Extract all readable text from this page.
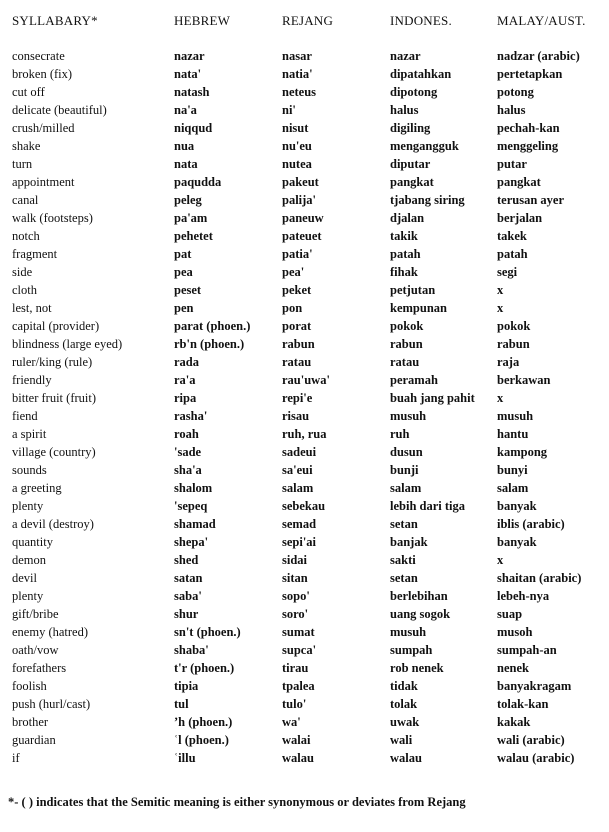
SYLLABARY*	HEBREW	REJANG	INDONES.	MALAY/AUST.
consecrate	nazar	nasar	nazar	nadzar (arabic)
broken (fix)	nata'	natia'	dipatahkan	pertetapkan
cut off	natash	neteus	dipotong	potong
delicate (beautiful)	na'a	ni'	halus	halus
crush/milled	niqqud	nisut	digiling	pechah-kan
shake	nua	nu'eu	mengangguk	menggeling
turn	nata	nutea	diputar	putar
appointment	paqudda	pakeut	pangkat	pangkat
canal	peleg	palija'	tjabang siring	terusan ayer
walk (footsteps)	pa'am	paneuw	djalan	berjalan
notch	pehetet	pateuet	takik	takek
fragment	pat	patia'	patah	patah
side	pea	pea'	fihak	segi
cloth	peset	peket	petjutan	x
lest, not	pen	pon	kempunan	x
capital (provider)	parat (phoen.)	porat	pokok	pokok
blindness (large eyed)	rb'n (phoen.)	rabun	rabun	rabun
ruler/king (rule)	rada	ratau	ratau	raja
friendly	ra'a	rau'uwa'	peramah	berkawan
bitter fruit (fruit)	ripa	repi'e	buah jang pahit	x
fiend	rasha'	risau	musuh	musuh
a spirit	roah	ruh, rua	ruh	hantu
village (country)	'sade	sadeui	dusun	kampong
sounds	sha'a	sa'eui	bunji	bunyi
a greeting	shalom	salam	salam	salam
plenty	'sepeq	sebekau	lebih dari tiga	banyak
a devil (destroy)	shamad	semad	setan	iblis (arabic)
quantity	shepa'	sepi'ai	banjak	banyak
demon	shed	sidai	sakti	x
devil	satan	sitan	setan	shaitan (arabic)
plenty	saba'	sopo'	berlebihan	lebeh-nya
gift/bribe	shur	soro'	uang sogok	suap
enemy (hatred)	sn't (phoen.)	sumat	musuh	musoh
oath/vow	shaba'	supca'	sumpah	sumpah-an
forefathers	t'r (phoen.)	tirau	rob nenek	nenek
foolish	tipia	tpalea	tidak	banyakragam
push (hurl/cast)	tul	tulo'	tolak	tolak-kan
brother	ʼh (phoen.)	wa'	uwak	kakak
guardian	ʿl (phoen.)	walai	wali	wali (arabic)
if	ʿillu	walau	walau	walau (arabic)
*- ( ) indicates that the Semitic meaning is either synonymous or deviates from Rejang
